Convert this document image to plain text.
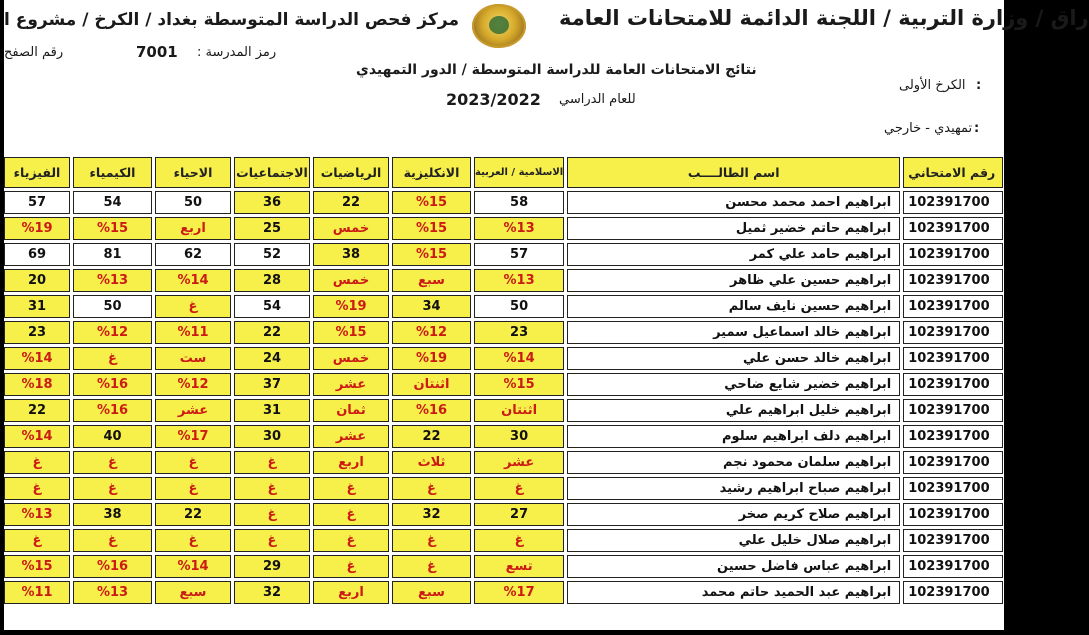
راق / وزارة التربية / اللجنة الدائمة للامتحانات العامة
مركز فحص الدراسة المتوسطة بغداد / الكرخ / مشروع ا
7001 رمز المدرسة :
رقم الصفح
نتائج الامتحانات العامة للدراسة المتوسطة / الدور التمهيدي
الكرخ الأولى :
2023/2022 للعام الدراسي
تمهيدي - خارجي :
الفيزياء		الكيمياء		الاحياء		الاجتماعيات		الرياضيات		الانكليزية		الاسلامية / العربية		اسم الطالــــب		رقم الامتحاني
57		54		50		36		22		%15		58		ابراهيم احمد محمد محسن		102391700
%19		%15		اربع		25		خمس		%15		%13		ابراهيم حاتم خضير ثميل		102391700
69		81		62		52		38		%15		57		ابراهيم حامد علي كمر		102391700
20		%13		%14		28		خمس		سبع		%13		ابراهيم حسين علي ظاهر		102391700
31		50		غ		54		%19		34		50		ابراهيم حسين نايف سالم		102391700
23		%12		%11		22		%15		%12		23		ابراهيم خالد اسماعيل سمير		102391700
%14		غ		ست		24		خمس		%19		%14		ابراهيم خالد حسن علي		102391700
%18		%16		%12		37		عشر		اثنتان		%15		ابراهيم خضير شايع ضاحي		102391700
22		%16		عشر		31		ثمان		%16		اثنتان		ابراهيم خليل ابراهيم علي		102391700
%14		40		%17		30		عشر		22		30		ابراهيم دلف ابراهيم سلوم		102391700
غ		غ		غ		غ		اربع		ثلاث		عشر		ابراهيم سلمان محمود نجم		102391700
غ		غ		غ		غ		غ		غ		غ		ابراهيم صباح ابراهيم رشيد		102391700
%13		38		22		غ		غ		32		27		ابراهيم صلاح كريم صخر		102391700
غ		غ		غ		غ		غ		غ		غ		ابراهيم صلال خليل علي		102391700
%15		%16		%14		29		غ		غ		تسع		ابراهيم عباس فاضل حسين		102391700
%11		%13		سبع		32		اربع		سبع		%17		ابراهيم عبد الحميد حاتم محمد		102391700
